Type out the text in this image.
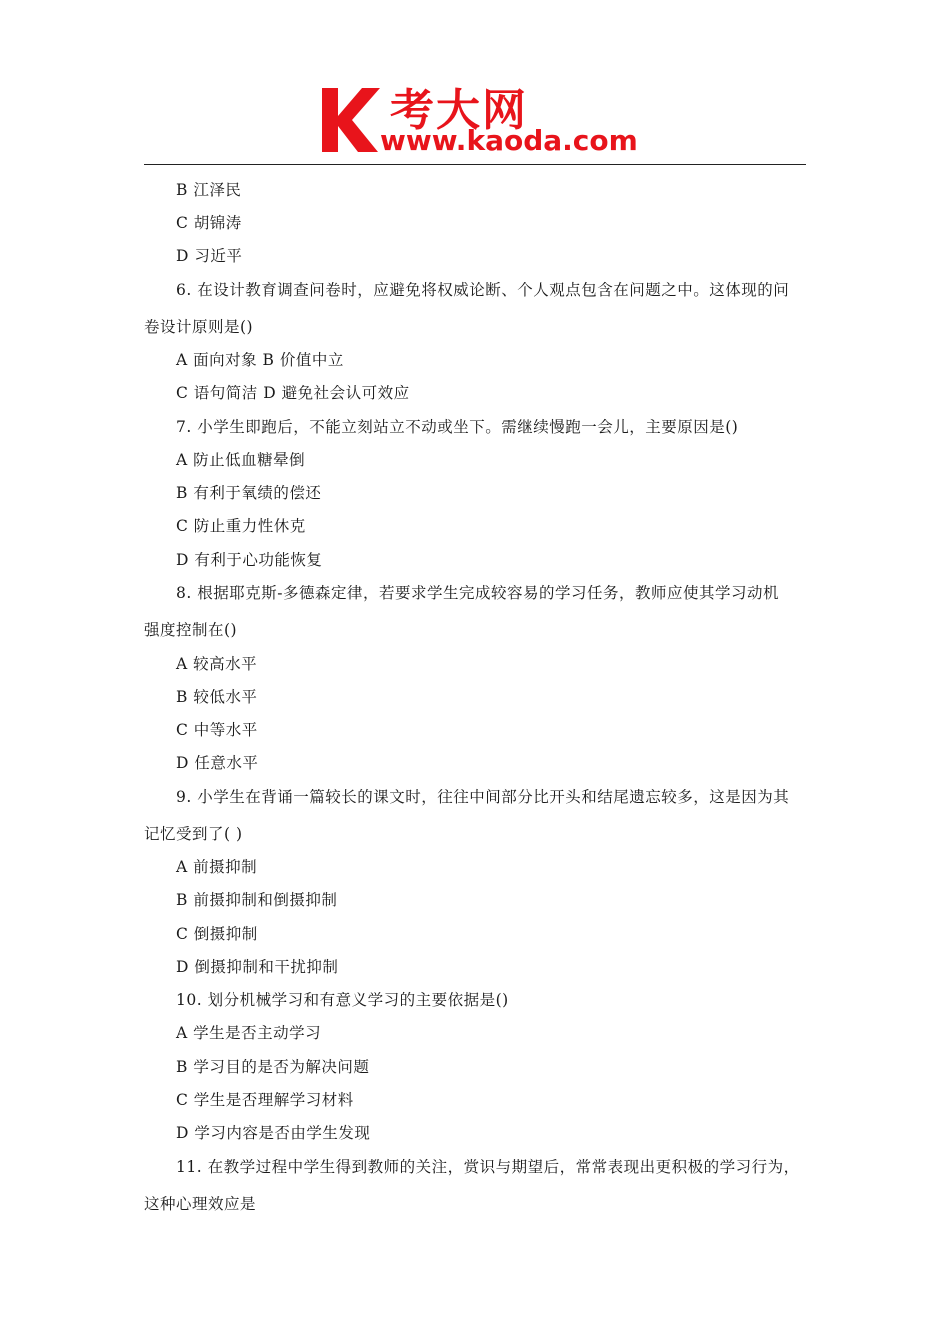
考大网
www.kaoda.com
B 江泽民
C 胡锦涛
D 习近平
6. 在设计教育调查问卷时，应避免将权威论断、个人观点包含在问题之中。这体现的问
卷设计原则是()
A 面向对象 B 价值中立
C 语句简洁 D 避免社会认可效应
7. 小学生即跑后，不能立刻站立不动或坐下。需继续慢跑一会儿，主要原因是()
A 防止低血糖晕倒
B 有利于氧绩的偿还
C 防止重力性休克
D 有利于心功能恢复
8. 根据耶克斯-多德森定律，若要求学生完成较容易的学习任务，教师应使其学习动机
强度控制在()
A 较高水平
B 较低水平
C 中等水平
D 任意水平
9. 小学生在背诵一篇较长的课文时，往往中间部分比开头和结尾遗忘较多，这是因为其
记忆受到了( )
A 前摄抑制
B 前摄抑制和倒摄抑制
C 倒摄抑制
D 倒摄抑制和干扰抑制
10. 划分机械学习和有意义学习的主要依据是()
A 学生是否主动学习
B 学习目的是否为解决问题
C 学生是否理解学习材料
D 学习内容是否由学生发现
11. 在教学过程中学生得到教师的关注，赏识与期望后，常常表现出更积极的学习行为，
这种心理效应是
